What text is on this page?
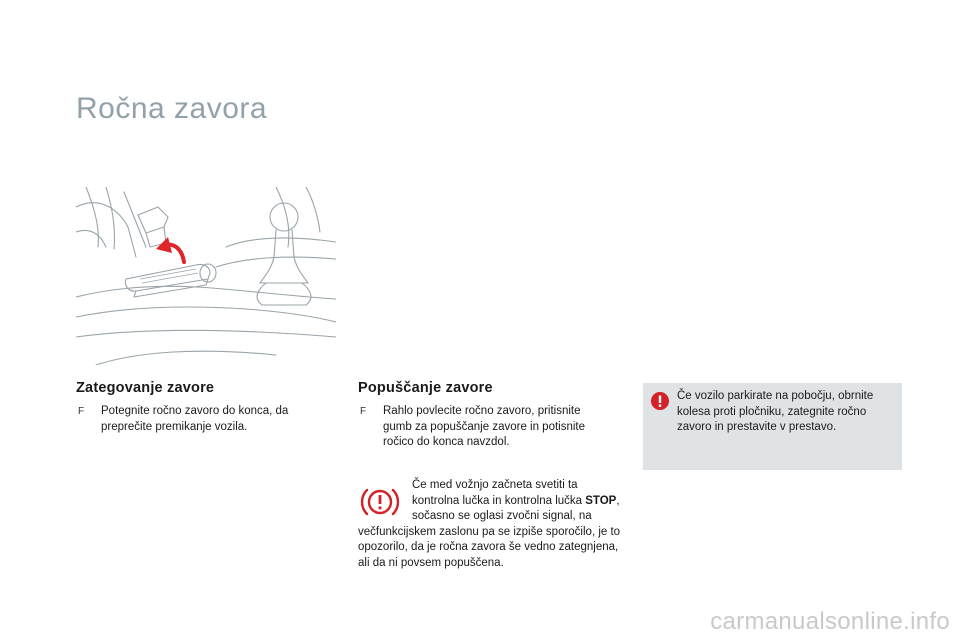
Ročna zavora
Zategovanje zavore
F	Potegnite ročno zavoro do konca, da preprečite premikanje vozila.
Popuščanje zavore
F	Rahlo povlecite ročno zavoro, pritisnite gumb za popuščanje zavore in potisnite ročico do konca navzdol.
Če med vožnjo začneta svetiti ta kontrolna lučka in kontrolna lučka STOP, sočasno se oglasi zvočni signal, na večfunkcijskem zaslonu pa se izpiše sporočilo, je to opozorilo, da je ročna zavora še vedno zategnjena, ali da ni povsem popuščena.
Če vozilo parkirate na pobočju, obrnite kolesa proti pločniku, zategnite ročno zavoro in prestavite v prestavo.
carmanualsonline.info
